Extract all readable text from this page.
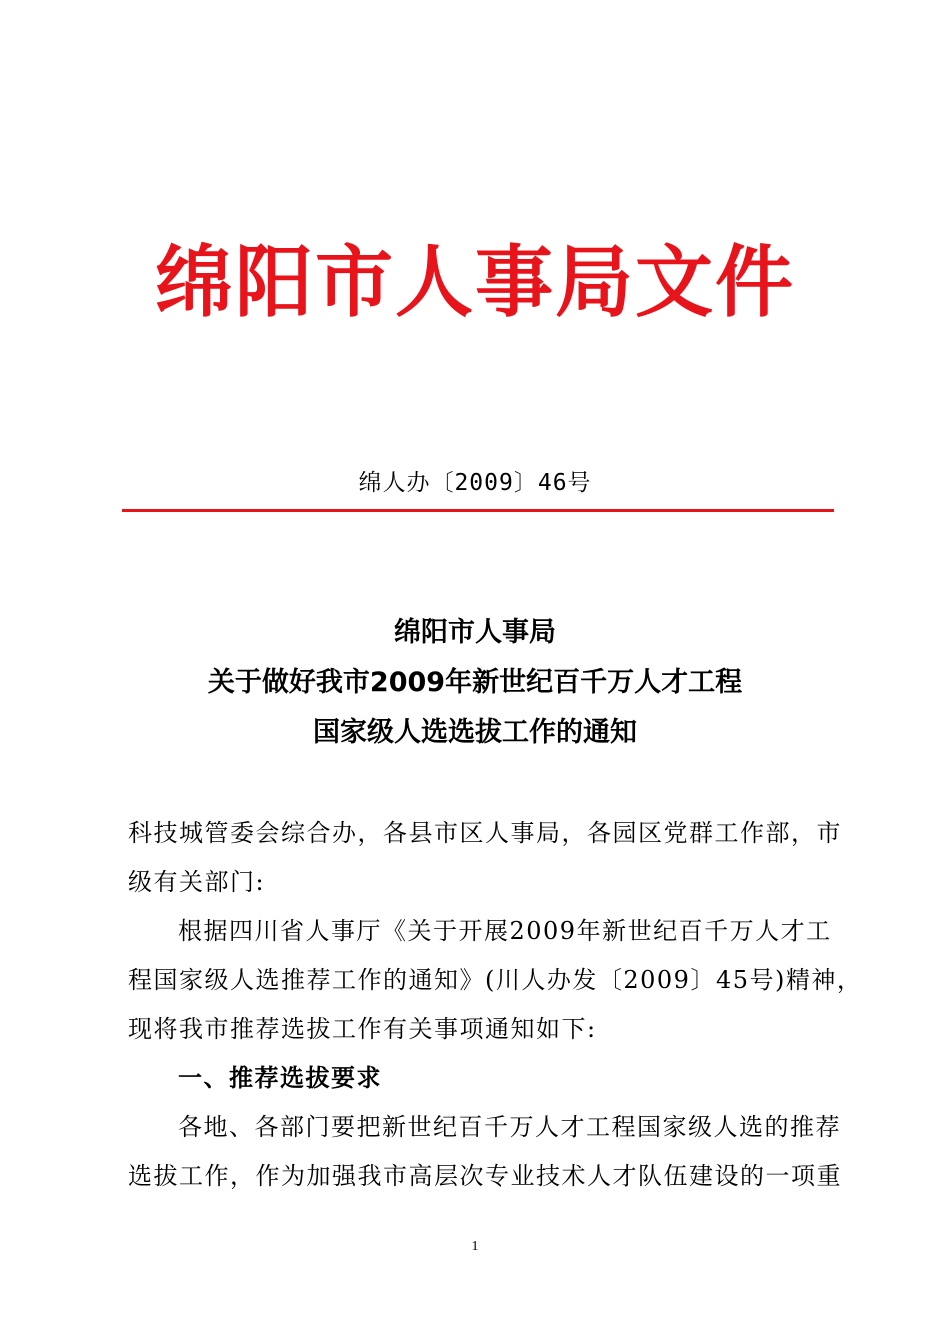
绵阳市人事局文件
绵人办〔2009〕46号
绵阳市人事局
关于做好我市2009年新世纪百千万人才工程
国家级人选选拔工作的通知
科技城管委会综合办，各县市区人事局，各园区党群工作部，市
级有关部门:
根据四川省人事厅《关于开展2009年新世纪百千万人才工
程国家级人选推荐工作的通知》(川人办发〔2009〕45号)精神，
现将我市推荐选拔工作有关事项通知如下:
一、推荐选拔要求
各地、各部门要把新世纪百千万人才工程国家级人选的推荐
选拔工作，作为加强我市高层次专业技术人才队伍建设的一项重
1
